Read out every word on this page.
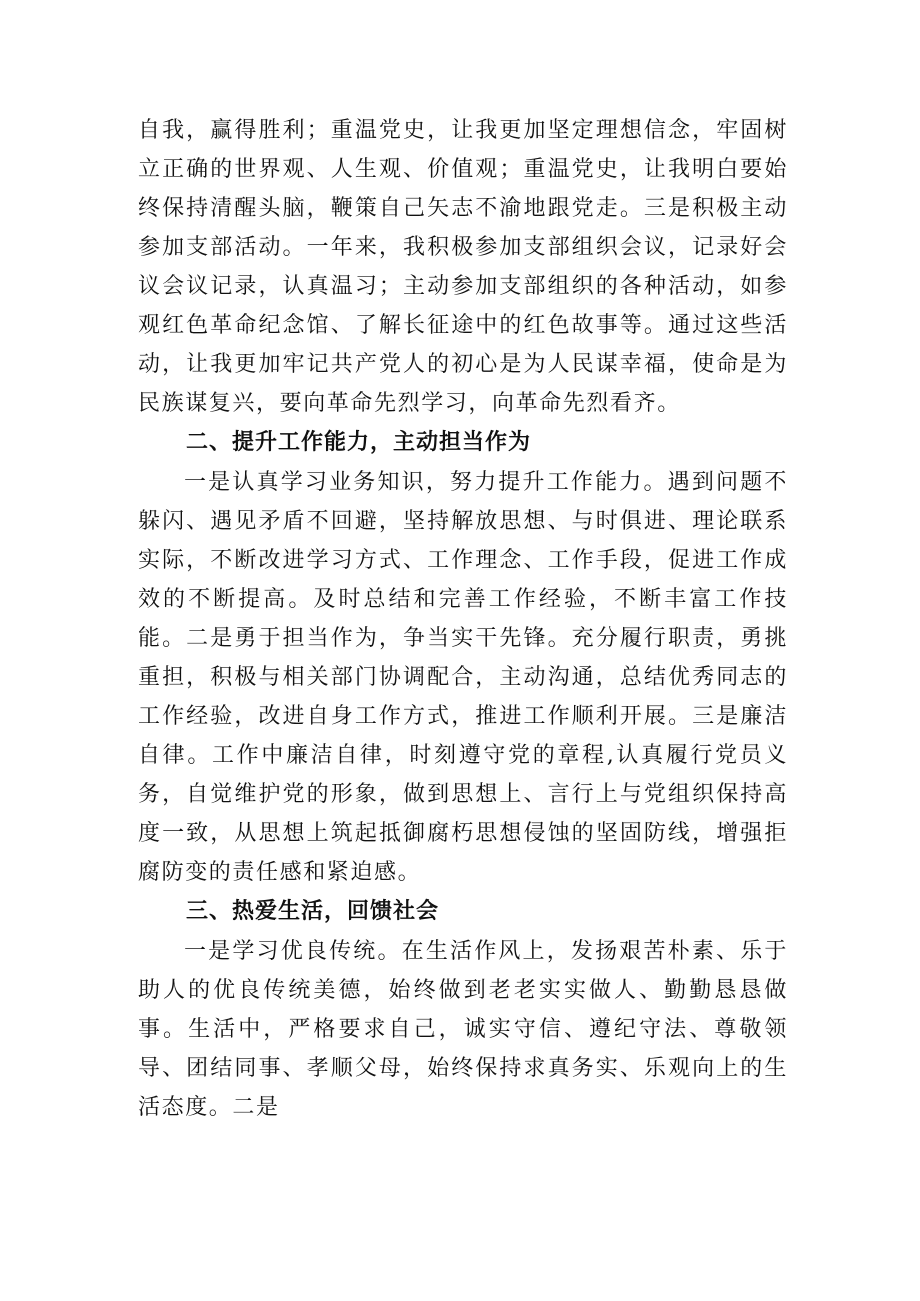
自我，赢得胜利；重温党史，让我更加坚定理想信念，牢固树立正确的世界观、人生观、价值观；重温党史，让我明白要始终保持清醒头脑，鞭策自己矢志不渝地跟党走。三是积极主动参加支部活动。一年来，我积极参加支部组织会议，记录好会议会议记录，认真温习；主动参加支部组织的各种活动，如参观红色革命纪念馆、了解长征途中的红色故事等。通过这些活动，让我更加牢记共产党人的初心是为人民谋幸福，使命是为民族谋复兴，要向革命先烈学习，向革命先烈看齐。

二、提升工作能力，主动担当作为

一是认真学习业务知识，努力提升工作能力。遇到问题不躲闪、遇见矛盾不回避，坚持解放思想、与时俱进、理论联系实际，不断改进学习方式、工作理念、工作手段，促进工作成效的不断提高。及时总结和完善工作经验，不断丰富工作技能。二是勇于担当作为，争当实干先锋。充分履行职责，勇挑重担，积极与相关部门协调配合，主动沟通，总结优秀同志的工作经验，改进自身工作方式，推进工作顺利开展。三是廉洁自律。工作中廉洁自律，时刻遵守党的章程,认真履行党员义务，自觉维护党的形象，做到思想上、言行上与党组织保持高度一致，从思想上筑起抵御腐朽思想侵蚀的坚固防线，增强拒腐防变的责任感和紧迫感。

三、热爱生活，回馈社会

一是学习优良传统。在生活作风上，发扬艰苦朴素、乐于助人的优良传统美德，始终做到老老实实做人、勤勤恳恳做事。生活中，严格要求自己，诚实守信、遵纪守法、尊敬领导、团结同事、孝顺父母，始终保持求真务实、乐观向上的生活态度。二是
